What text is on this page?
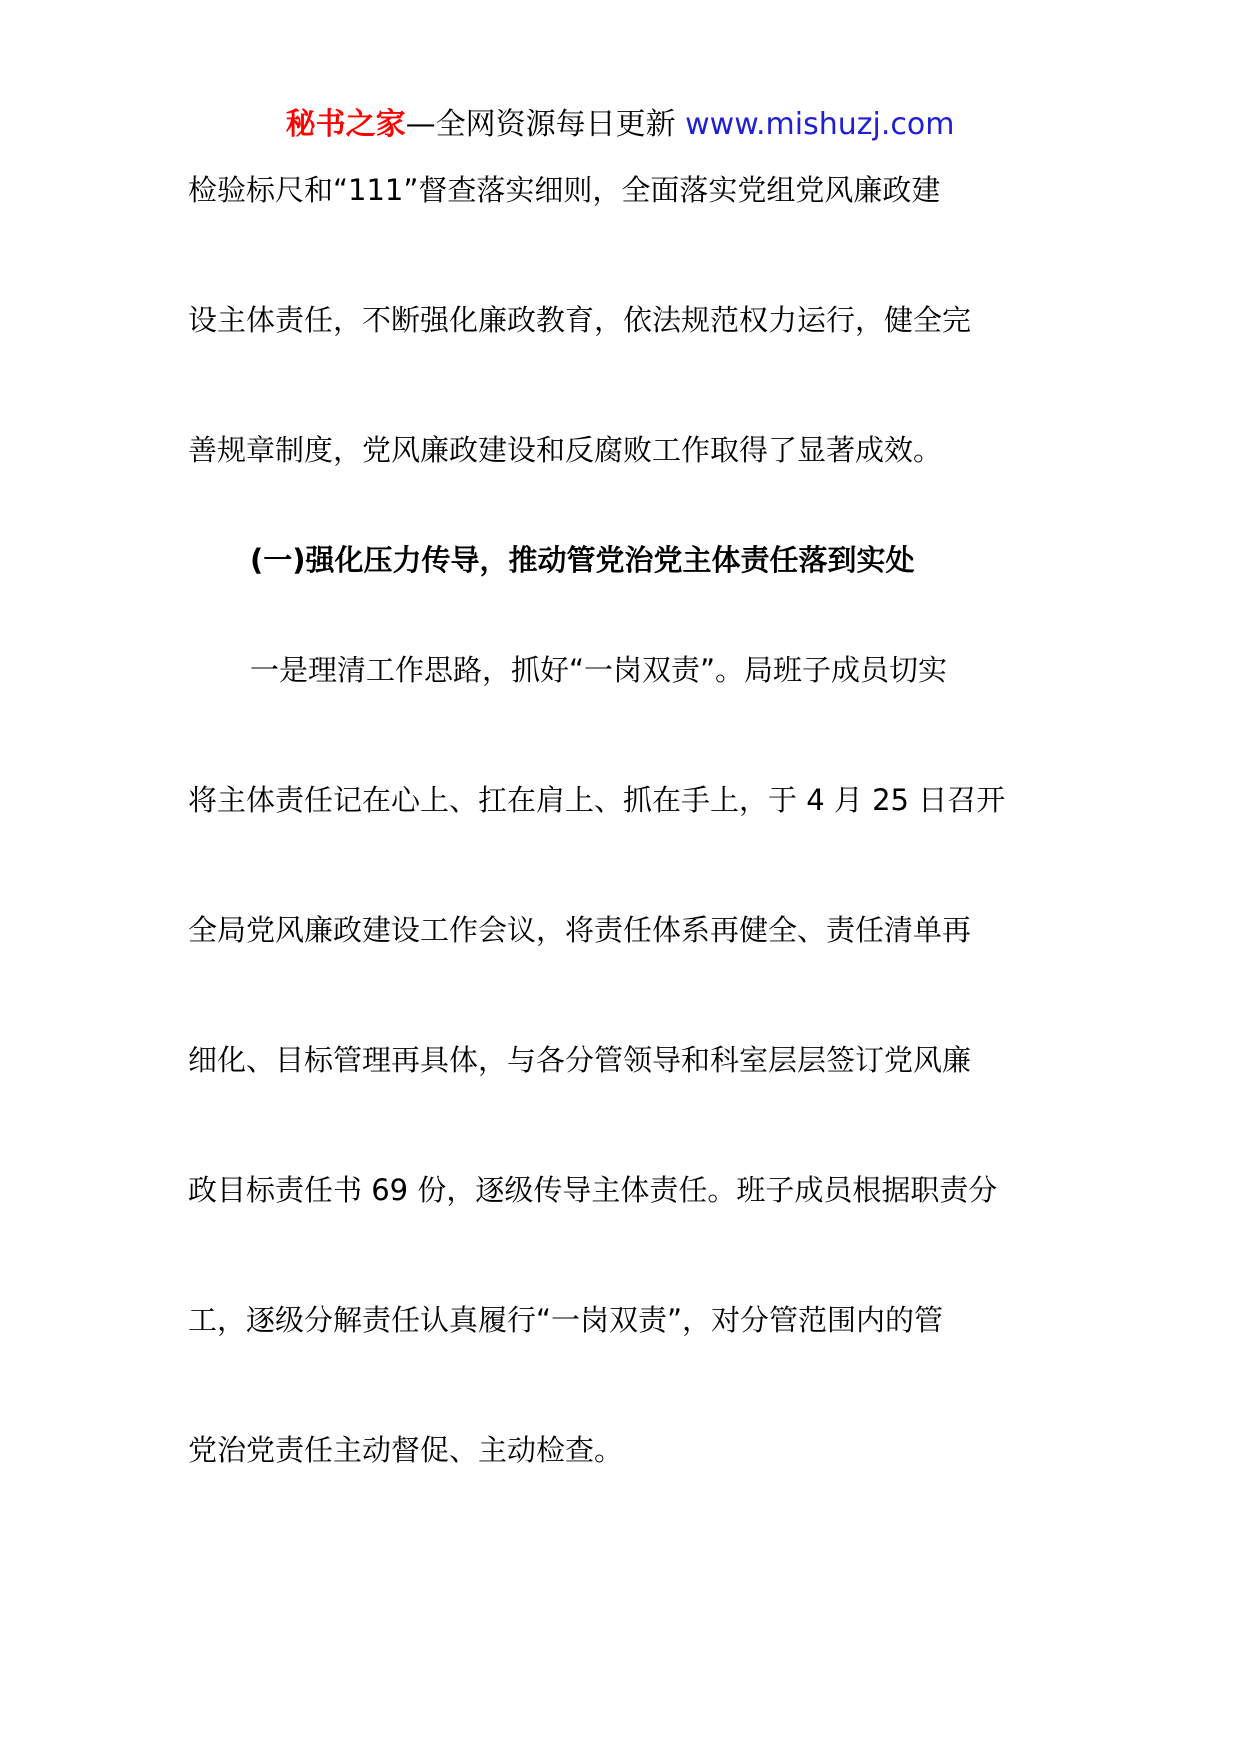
秘书之家—全网资源每日更新 www.mishuzj.com
检验标尺和“111”督查落实细则，全面落实党组党风廉政建
设主体责任，不断强化廉政教育，依法规范权力运行，健全完
善规章制度，党风廉政建设和反腐败工作取得了显著成效。
(一)强化压力传导，推动管党治党主体责任落到实处
一是理清工作思路，抓好“一岗双责”。局班子成员切实
将主体责任记在心上、扛在肩上、抓在手上，于 4 月 25 日召开
全局党风廉政建设工作会议，将责任体系再健全、责任清单再
细化、目标管理再具体，与各分管领导和科室层层签订党风廉
政目标责任书 69 份，逐级传导主体责任。班子成员根据职责分
工，逐级分解责任认真履行“一岗双责”，对分管范围内的管
党治党责任主动督促、主动检查。
